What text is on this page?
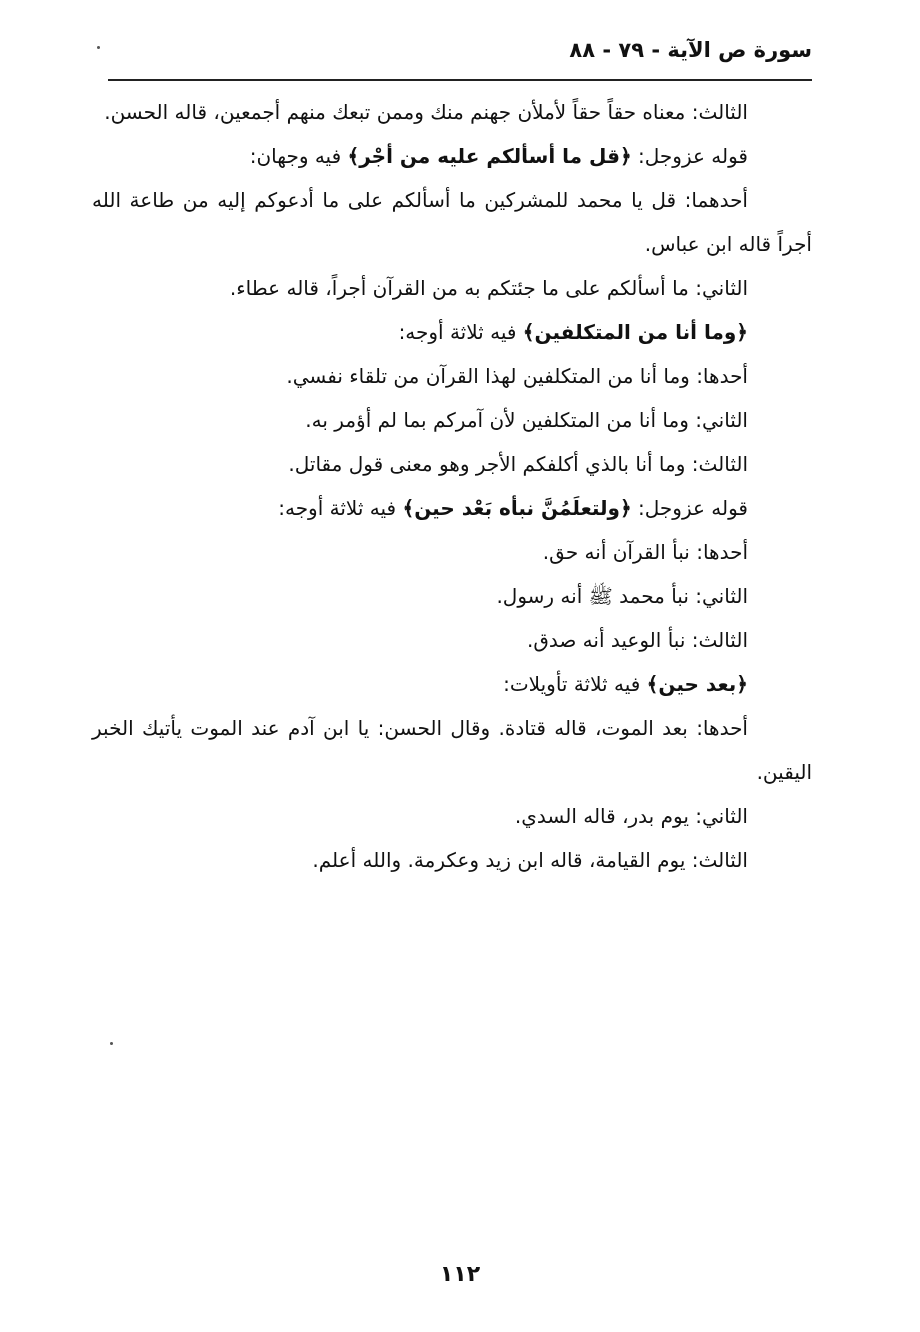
سورة ص الآية - ٧٩ - ٨٨

الثالث: معناه حقاً حقاً لأملأن جهنم منك وممن تبعك منهم أجمعين، قاله الحسن.

قوله عزوجل: ﴿قل ما أسألكم عليه من أجْر﴾ فيه وجهان:

أحدهما: قل يا محمد للمشركين ما أسألكم على ما أدعوكم إليه من طاعة الله أجراً قاله ابن عباس.

الثاني: ما أسألكم على ما جئتكم به من القرآن أجراً، قاله عطاء.

﴿وما أنا من المتكلفين﴾ فيه ثلاثة أوجه:

أحدها: وما أنا من المتكلفين لهذا القرآن من تلقاء نفسي.

الثاني: وما أنا من المتكلفين لأن آمركم بما لم أؤمر به.

الثالث: وما أنا بالذي أكلفكم الأجر وهو معنى قول مقاتل.

قوله عزوجل: ﴿ولتعلَمُنَّ نبأه بَعْد حين﴾ فيه ثلاثة أوجه:

أحدها: نبأ القرآن أنه حق.

الثاني: نبأ محمد ﷺ أنه رسول.

الثالث: نبأ الوعيد أنه صدق.

﴿بعد حين﴾ فيه ثلاثة تأويلات:

أحدها: بعد الموت، قاله قتادة. وقال الحسن: يا ابن آدم عند الموت يأتيك الخبر اليقين.

الثاني: يوم بدر، قاله السدي.

الثالث: يوم القيامة، قاله ابن زيد وعكرمة. والله أعلم.

١١٢
